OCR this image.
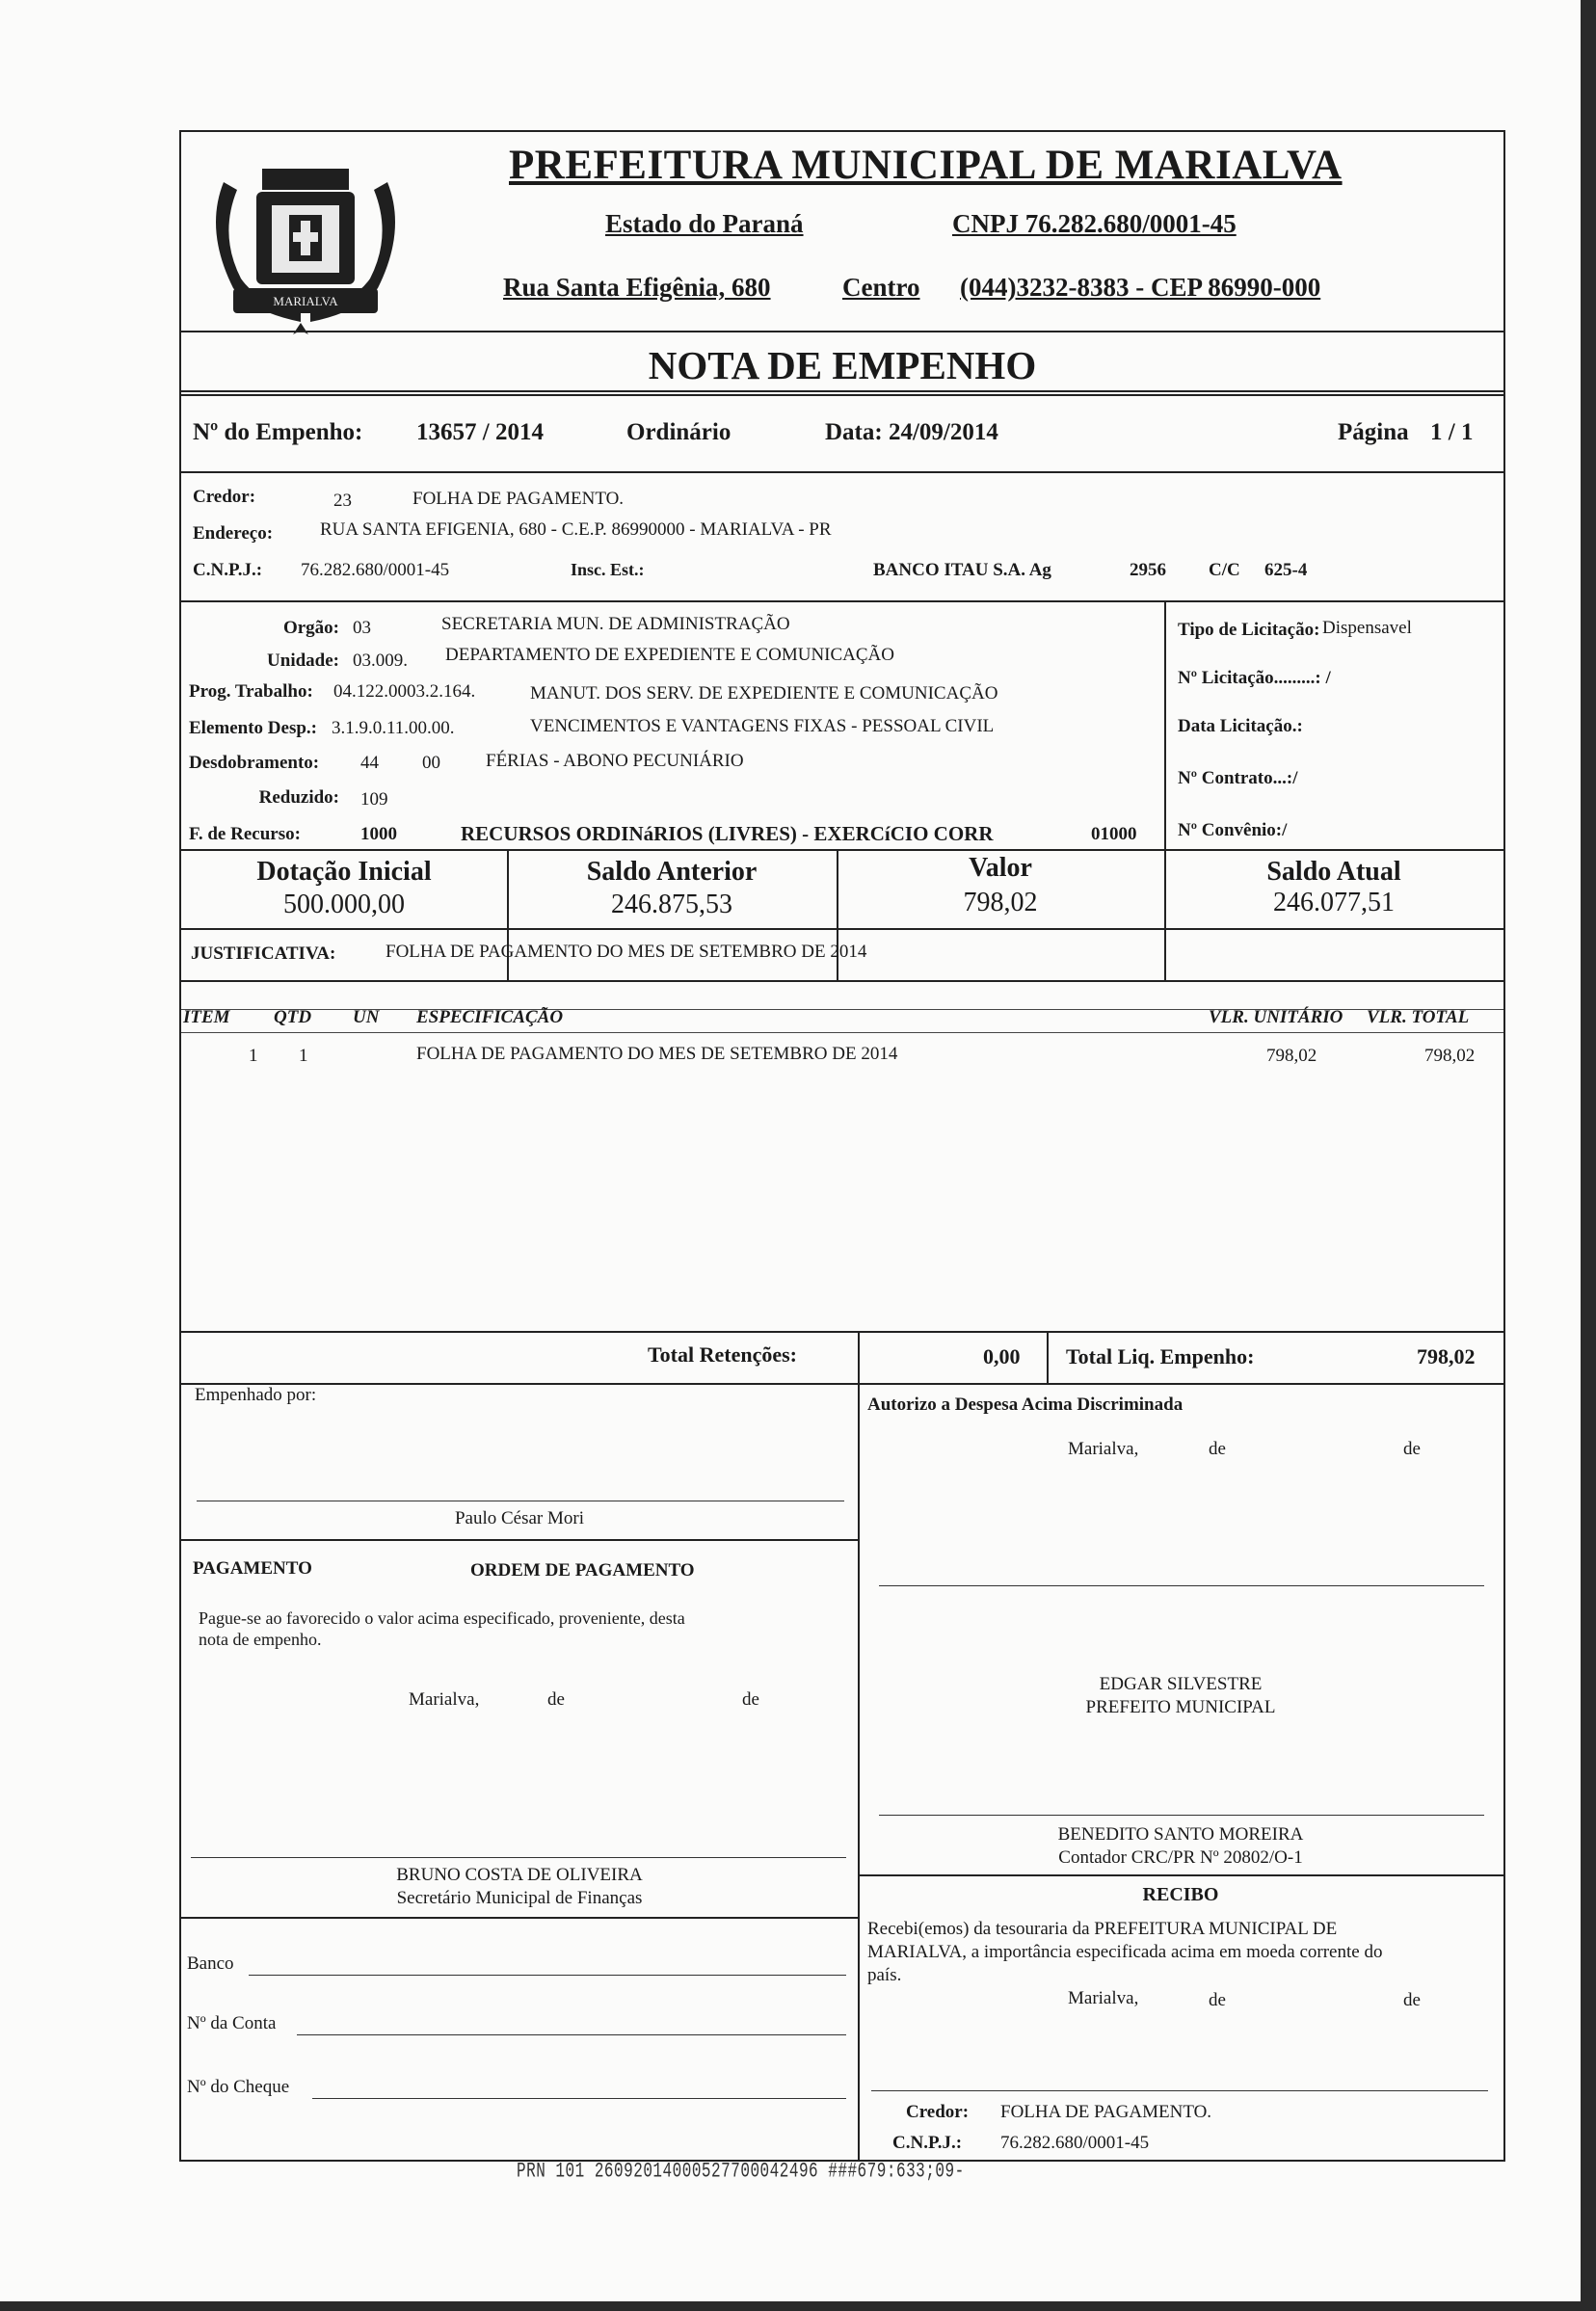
MARIALVA
PREFEITURA MUNICIPAL DE MARIALVA
Estado do Paraná	CNPJ 76.282.680/0001-45
Rua Santa Efigênia, 680	Centro (044)3232-8383 - CEP 86990-000
NOTA DE EMPENHO
Nº do Empenho: 13657 / 2014	Ordinário	Data: 24/09/2014	Página 1 / 1
Credor:	23	FOLHA DE PAGAMENTO.
Endereço:	RUA SANTA EFIGENIA, 680 - C.E.P. 86990000 - MARIALVA - PR
C.N.P.J.: 76.282.680/0001-45	Insc. Est.:	BANCO ITAU S.A. Ag	2956 C/C 625-4
Orgão: 03	SECRETARIA MUN. DE ADMINISTRAÇÃO
Unidade: 03.009. DEPARTAMENTO DE EXPEDIENTE E COMUNICAÇÃO
Prog. Trabalho: 04.122.0003.2.164.	MANUT. DOS SERV. DE EXPEDIENTE E COMUNICAÇÃO
Elemento Desp.: 3.1.9.0.11.00.00.	VENCIMENTOS E VANTAGENS FIXAS - PESSOAL CIVIL
Desdobramento: 44 00 FÉRIAS - ABONO PECUNIÁRIO
Reduzido: 109
F. de Recurso:	1000	RECURSOS ORDINáRIOS (LIVRES) - EXERCíCIO CORR	01000
Tipo de Licitação: Dispensavel
Nº Licitação.........: /
Data Licitação.:
Nº Contrato...:/
Nº Convênio:/
Dotação Inicial
500.000,00
Saldo Anterior
246.875,53
Valor
798,02
Saldo Atual
246.077,51
JUSTIFICATIVA:	FOLHA DE PAGAMENTO DO MES DE SETEMBRO DE 2014
ITEM QTD UN ESPECIFICAÇÃO	VLR. UNITÁRIO VLR. TOTAL
1 1	FOLHA DE PAGAMENTO DO MES DE SETEMBRO DE 2014	798,02	798,02
Total Retenções:	0,00 Total Liq. Empenho:	798,02
Empenhado por:
Paulo César Mori
Autorizo a Despesa Acima Discriminada
Marialva,	de	de
EDGAR SILVESTRE
PREFEITO MUNICIPAL
BENEDITO SANTO MOREIRA
Contador CRC/PR Nº 20802/O-1
PAGAMENTO	ORDEM DE PAGAMENTO
Pague-se ao favorecido o valor acima especificado, proveniente, desta
nota de empenho.
Marialva,	de	de
BRUNO COSTA DE OLIVEIRA
Secretário Municipal de Finanças
Banco
Nº da Conta
Nº do Cheque
RECIBO
Recebi(emos) da tesouraria da PREFEITURA MUNICIPAL DE
MARIALVA, a importância especificada acima em moeda corrente do
país.
Marialva,	de	de
Credor: FOLHA DE PAGAMENTO.
C.N.P.J.: 76.282.680/0001-45
PRN 101 26092014000527700042496 ###679:633;09-
